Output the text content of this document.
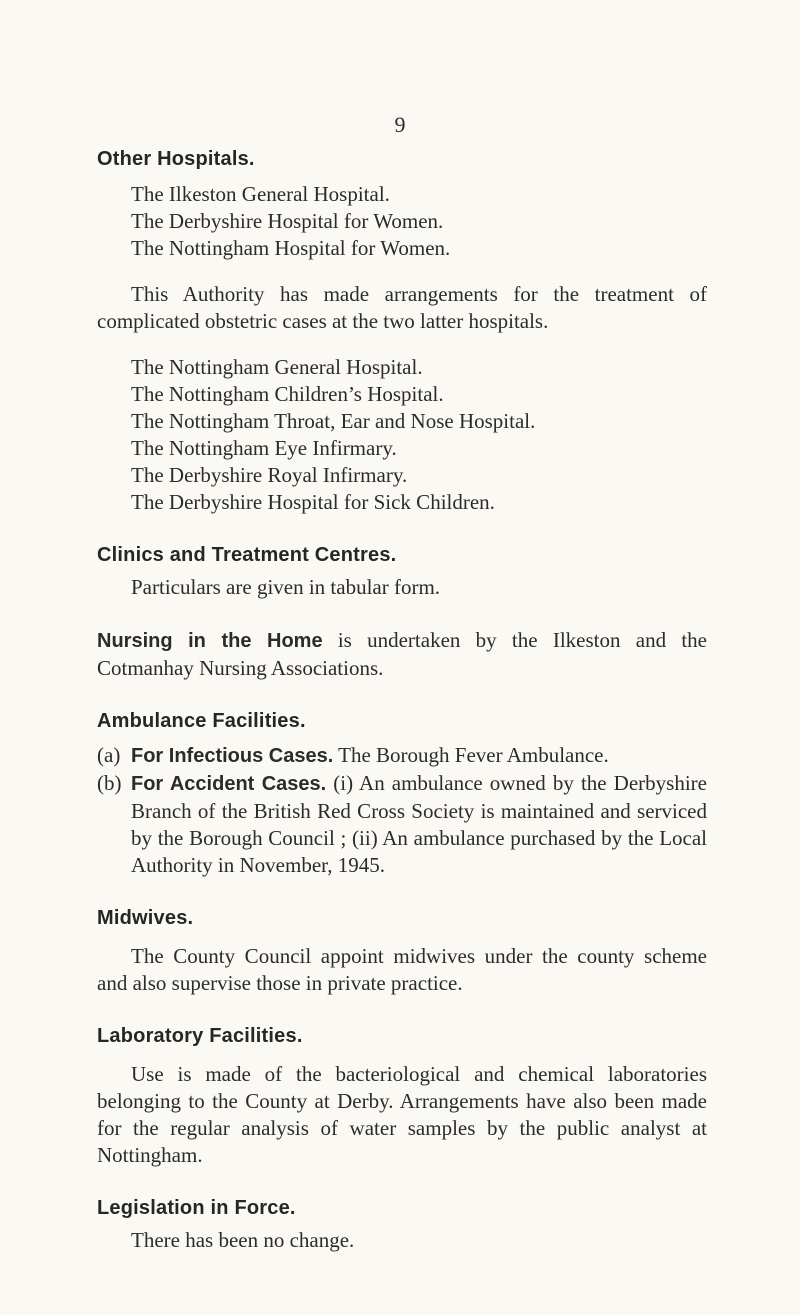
9
Other Hospitals.
The Ilkeston General Hospital.
The Derbyshire Hospital for Women.
The Nottingham Hospital for Women.

This Authority has made arrangements for the treatment of complicated obstetric cases at the two latter hospitals.

The Nottingham General Hospital.
The Nottingham Children’s Hospital.
The Nottingham Throat, Ear and Nose Hospital.
The Nottingham Eye Infirmary.
The Derbyshire Royal Infirmary.
The Derbyshire Hospital for Sick Children.
Clinics and Treatment Centres.
Particulars are given in tabular form.

Nursing in the Home is undertaken by the Ilkeston and the Cotmanhay Nursing Associations.

Ambulance Facilities.

(a) For Infectious Cases. The Borough Fever Ambulance.

(b) For Accident Cases. (i) An ambulance owned by the Derbyshire Branch of the British Red Cross Society is maintained and serviced by the Borough Council ; (ii) An ambulance purchased by the Local Authority in November, 1945.

Midwives.

The County Council appoint midwives under the county scheme and also supervise those in private practice.

Laboratory Facilities.

Use is made of the bacteriological and chemical laboratories belonging to the County at Derby. Arrangements have also been made for the regular analysis of water samples by the public analyst at Nottingham.

Legislation in Force.
There has been no change.
